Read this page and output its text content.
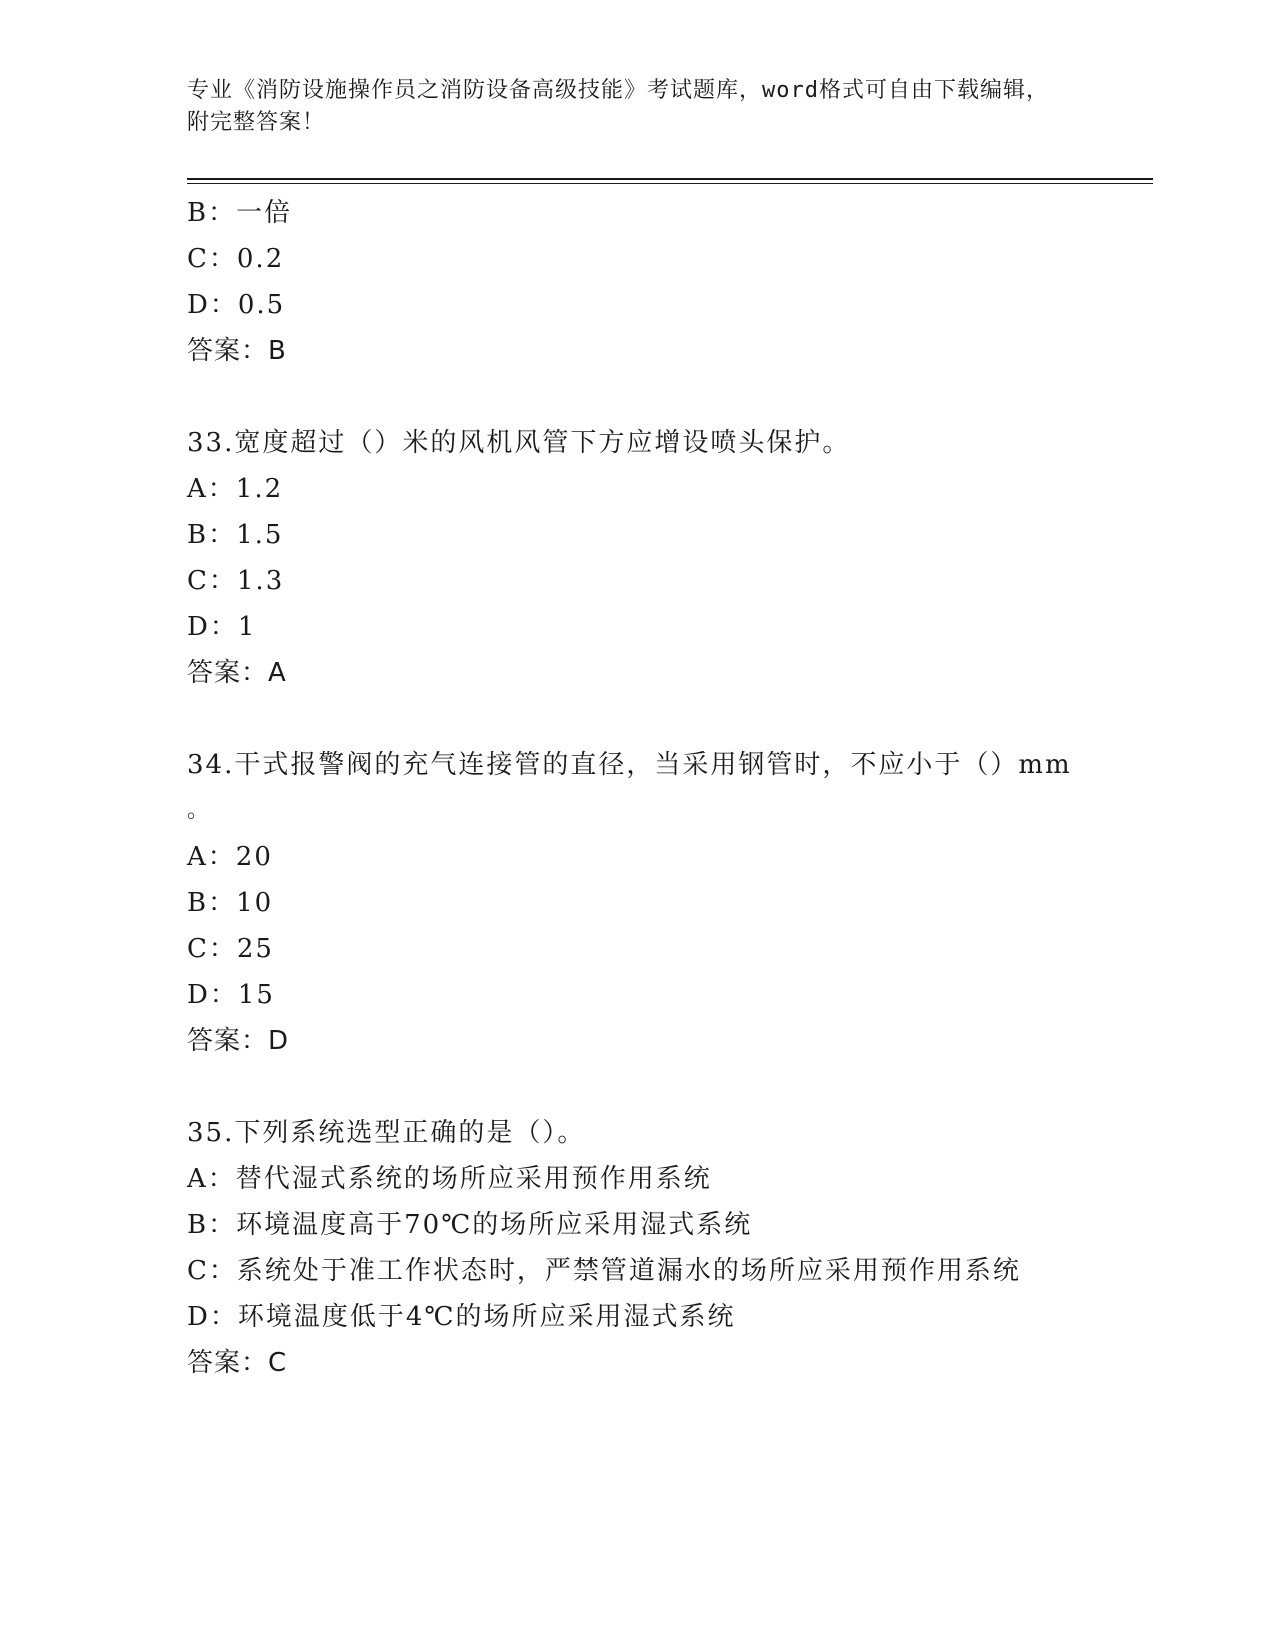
专业《消防设施操作员之消防设备高级技能》考试题库，word格式可自由下载编辑，附完整答案！
B：一倍
C：0.2
D：0.5
答案：B
33.宽度超过（）米的风机风管下方应增设喷头保护。
A：1.2
B：1.5
C：1.3
D：1
答案：A
34.干式报警阀的充气连接管的直径，当采用钢管时，不应小于（）mm
。
A：20
B：10
C：25
D：15
答案：D
35.下列系统选型正确的是（）。
A：替代湿式系统的场所应采用预作用系统
B：环境温度高于70℃的场所应采用湿式系统
C：系统处于准工作状态时，严禁管道漏水的场所应采用预作用系统
D：环境温度低于4℃的场所应采用湿式系统
答案：C
